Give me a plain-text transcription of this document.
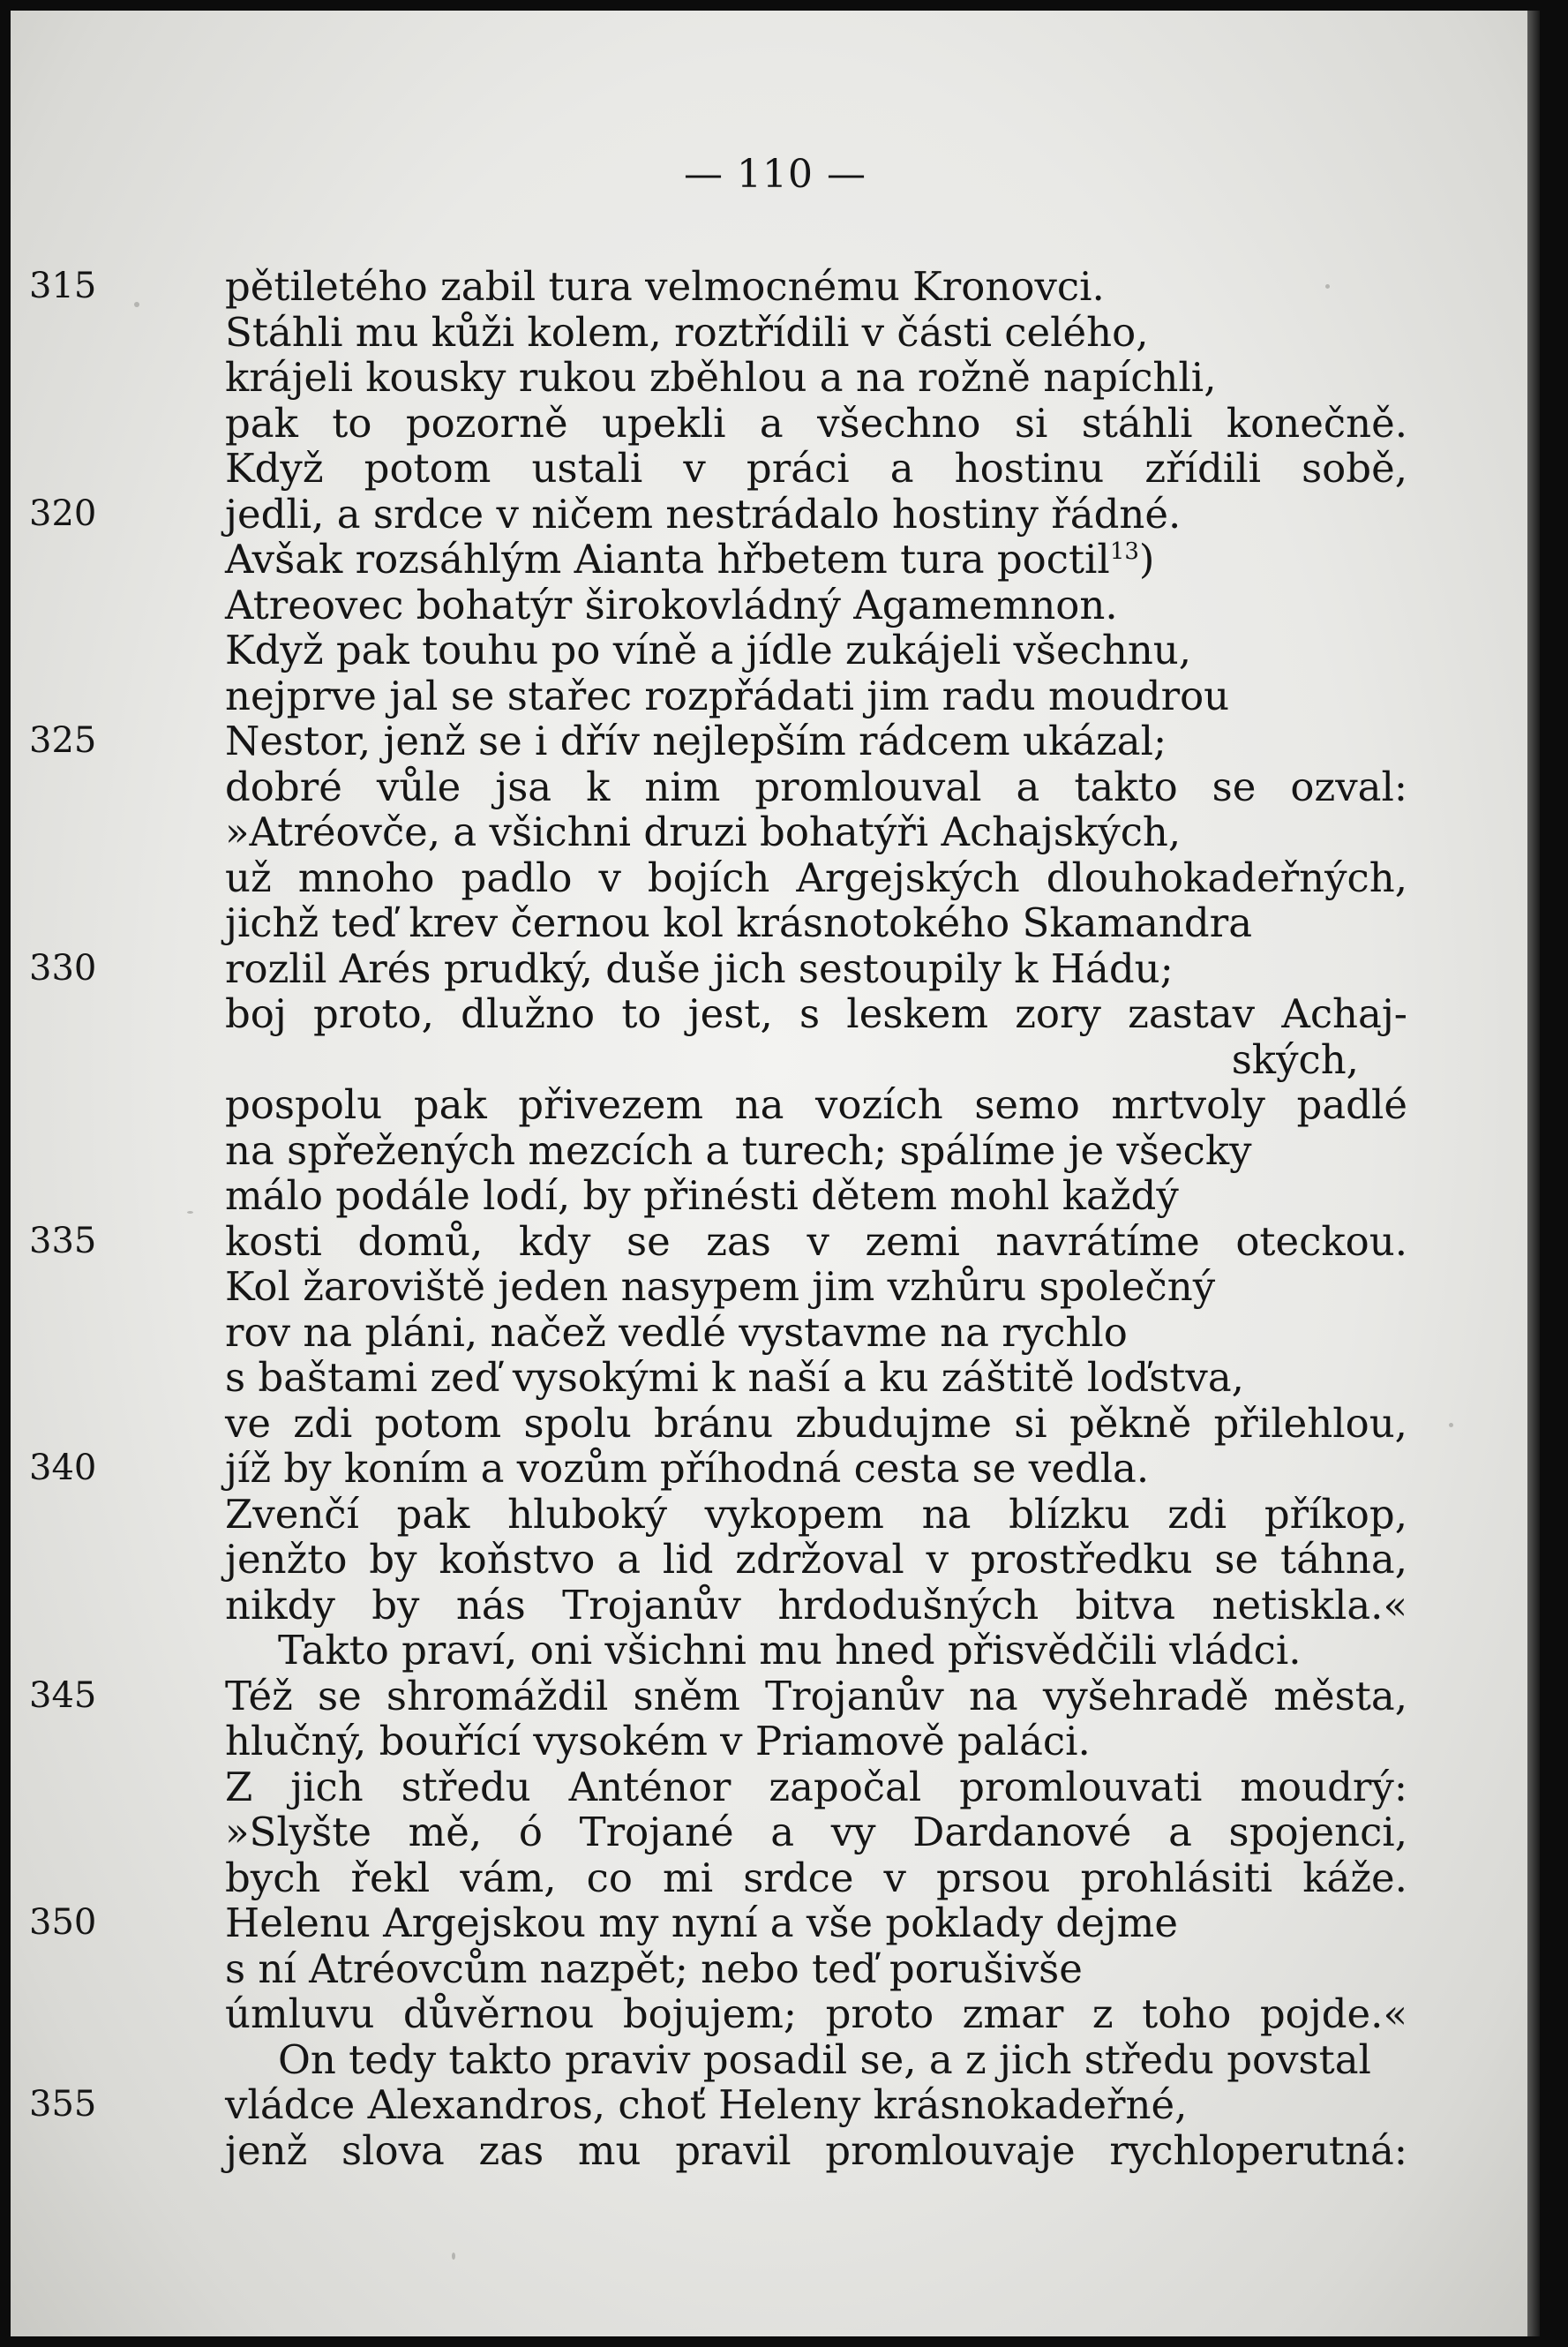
— 110 —
315	pětiletého zabil tura velmocnému Kronovci.
Stáhli mu kůži kolem, roztřídili v části celého,
krájeli kousky rukou zběhlou a na rožně napíchli,
pak to pozorně upekli a všechno si stáhli konečně.
Když potom ustali v práci a hostinu zřídili sobě,
320	jedli, a srdce v ničem nestrádalo hostiny řádné.
Avšak rozsáhlým Aianta hřbetem tura poctil$^{13}$)
Atreovec bohatýr širokovládný Agamemnon.
Když pak touhu po víně a jídle zukájeli všechnu,
nejprve jal se stařec rozpřádati jim radu moudrou
325	Nestor, jenž se i dřív nejlepším rádcem ukázal;
dobré vůle jsa k nim promlouval a takto se ozval:
»Atréovče, a všichni druzi bohatýři Achajských,
už mnoho padlo v bojích Argejských dlouhokadeřných,
jichž teď krev černou kol krásnotokého Skamandra
330	rozlil Arés prudký, duše jich sestoupily k Hádu;
boj proto, dlužno to jest, s leskem zory zastav Achaj-
ských,
pospolu pak přivezem na vozích semo mrtvoly padlé
na spřežených mezcích a turech; spálíme je všecky
málo podále lodí, by přinésti dětem mohl každý
335	kosti domů, kdy se zas v zemi navrátíme oteckou.
Kol žaroviště jeden nasypem jim vzhůru společný
rov na pláni, načež vedlé vystavme na rychlo
s baštami zeď vysokými k naší a ku záštitě loďstva,
ve zdi potom spolu bránu zbudujme si pěkně přilehlou,
340	jíž by koním a vozům příhodná cesta se vedla.
Zvenčí pak hluboký vykopem na blízku zdi příkop,
jenžto by koňstvo a lid zdržoval v prostředku se táhna,
nikdy by nás Trojanův hrdodušných bitva netiskla.«
Takto praví, oni všichni mu hned přisvědčili vládci.
345	Též se shromáždil sněm Trojanův na vyšehradě města,
hlučný, bouřící vysokém v Priamově paláci.
Z jich středu Anténor započal promlouvati moudrý:
»Slyšte mě, ó Trojané a vy Dardanové a spojenci,
bych řekl vám, co mi srdce v prsou prohlásiti káže.
350	Helenu Argejskou my nyní a vše poklady dejme
s ní Atréovcům nazpět; nebo teď porušivše
úmluvu důvěrnou bojujem; proto zmar z toho pojde.«
On tedy takto praviv posadil se, a z jich středu povstal
355	vládce Alexandros, choť Heleny krásnokadeřné,
jenž slova zas mu pravil promlouvaje rychloperutná:
